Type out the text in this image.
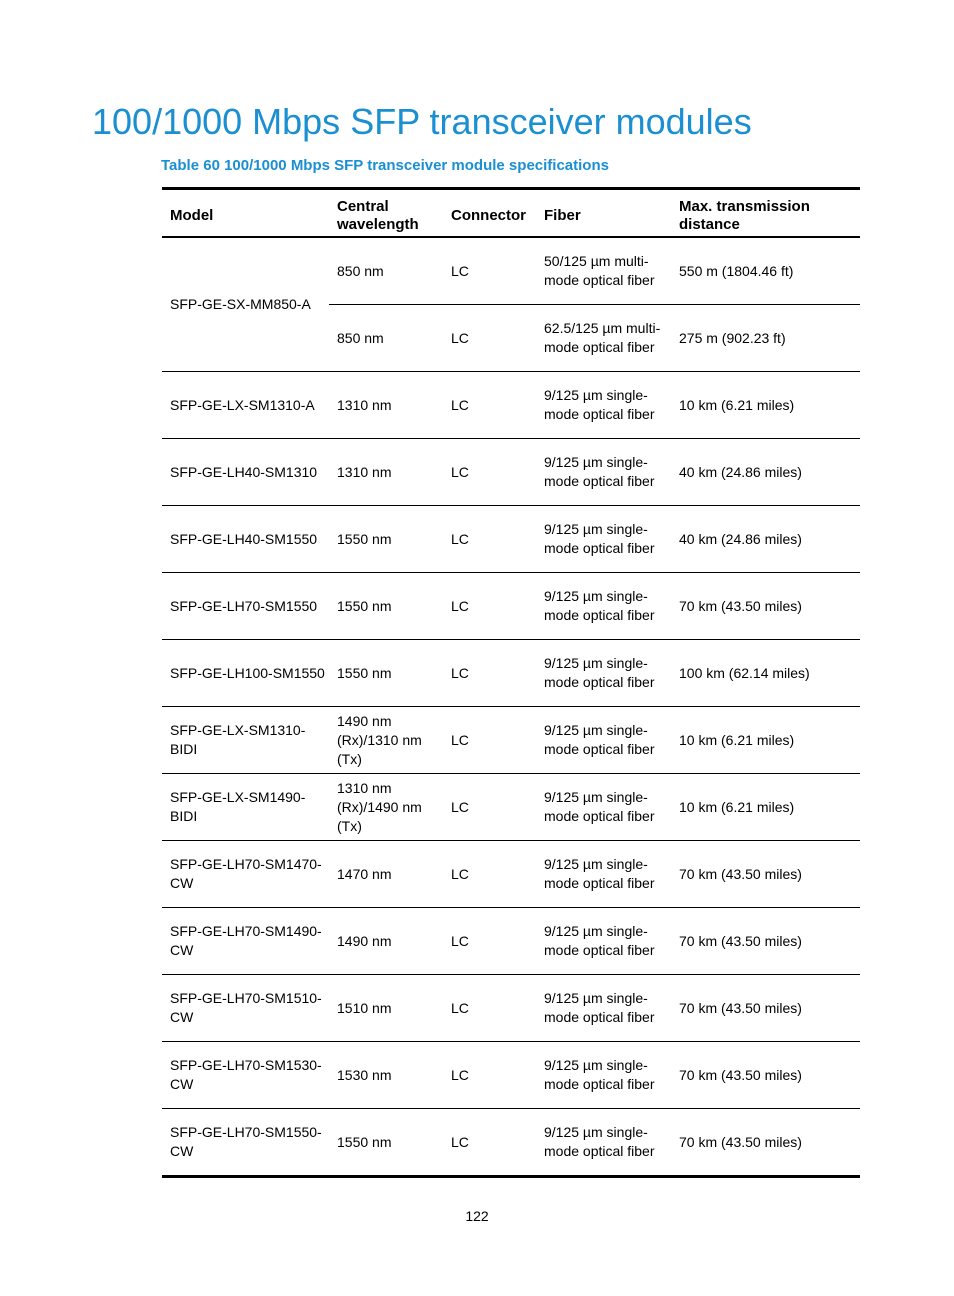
100/1000 Mbps SFP transceiver modules

Table 60 100/1000 Mbps SFP transceiver module specifications

Model	Central wavelength	Connector	Fiber	Max. transmission distance
SFP-GE-SX-MM850-A	850 nm	LC	50/125 µm multi-mode optical fiber	550 m (1804.46 ft)
	850 nm	LC	62.5/125 µm multi-mode optical fiber	275 m (902.23 ft)
SFP-GE-LX-SM1310-A	1310 nm	LC	9/125 µm single-mode optical fiber	10 km (6.21 miles)
SFP-GE-LH40-SM1310	1310 nm	LC	9/125 µm single-mode optical fiber	40 km (24.86 miles)
SFP-GE-LH40-SM1550	1550 nm	LC	9/125 µm single-mode optical fiber	40 km (24.86 miles)
SFP-GE-LH70-SM1550	1550 nm	LC	9/125 µm single-mode optical fiber	70 km (43.50 miles)
SFP-GE-LH100-SM1550	1550 nm	LC	9/125 µm single-mode optical fiber	100 km (62.14 miles)
SFP-GE-LX-SM1310-BIDI	1490 nm (Rx)/1310 nm (Tx)	LC	9/125 µm single-mode optical fiber	10 km (6.21 miles)
SFP-GE-LX-SM1490-BIDI	1310 nm (Rx)/1490 nm (Tx)	LC	9/125 µm single-mode optical fiber	10 km (6.21 miles)
SFP-GE-LH70-SM1470-CW	1470 nm	LC	9/125 µm single-mode optical fiber	70 km (43.50 miles)
SFP-GE-LH70-SM1490-CW	1490 nm	LC	9/125 µm single-mode optical fiber	70 km (43.50 miles)
SFP-GE-LH70-SM1510-CW	1510 nm	LC	9/125 µm single-mode optical fiber	70 km (43.50 miles)
SFP-GE-LH70-SM1530-CW	1530 nm	LC	9/125 µm single-mode optical fiber	70 km (43.50 miles)
SFP-GE-LH70-SM1550-CW	1550 nm	LC	9/125 µm single-mode optical fiber	70 km (43.50 miles)
122
